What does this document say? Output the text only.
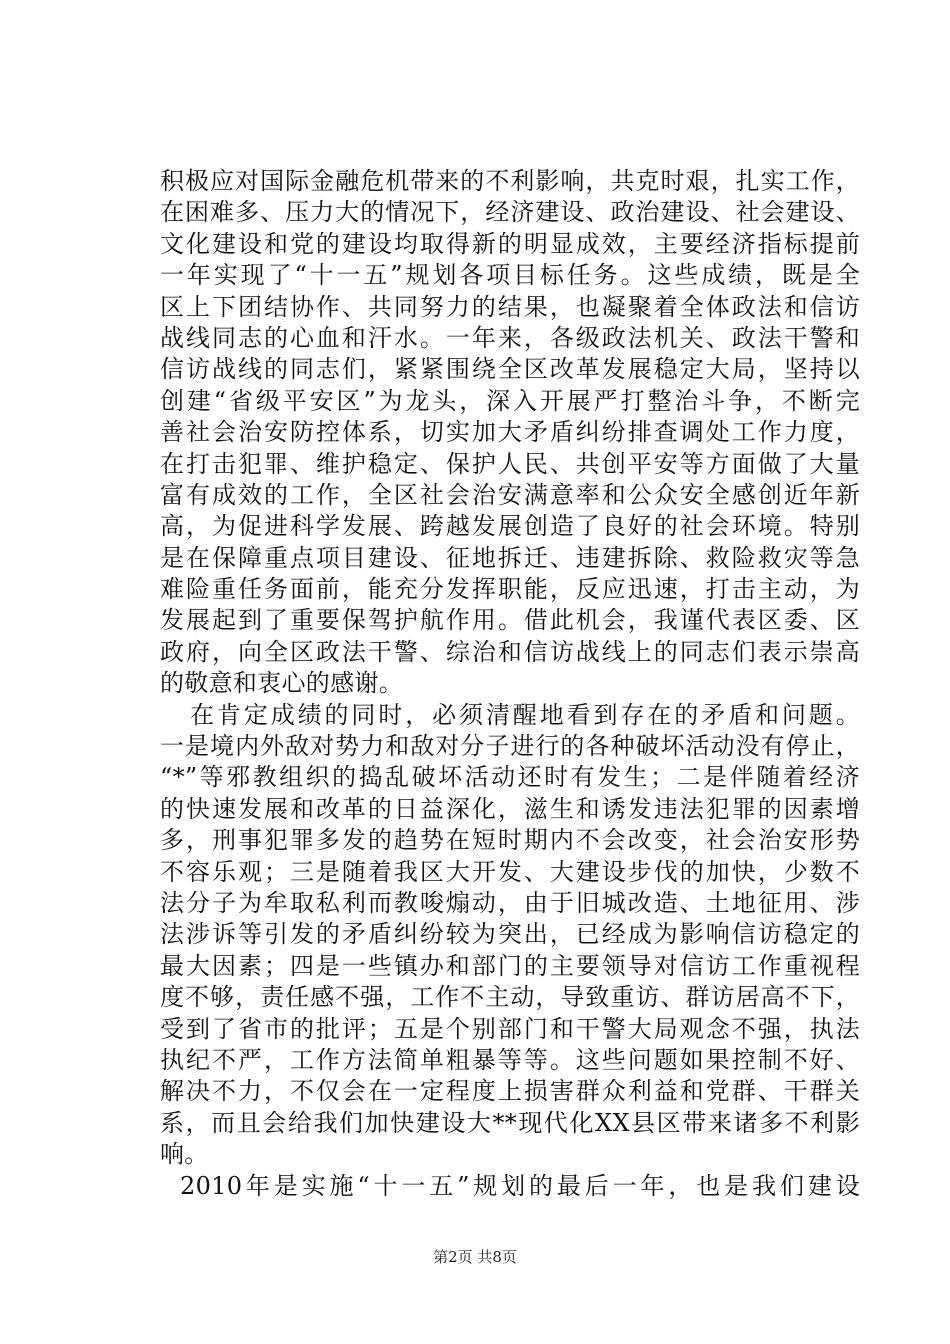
积极应对国际金融危机带来的不利影响，共克时艰，扎实工作，
在困难多、压力大的情况下，经济建设、政治建设、社会建设、
文化建设和党的建设均取得新的明显成效，主要经济指标提前
一年实现了“十一五”规划各项目标任务。这些成绩，既是全
区上下团结协作、共同努力的结果，也凝聚着全体政法和信访
战线同志的心血和汗水。一年来，各级政法机关、政法干警和
信访战线的同志们，紧紧围绕全区改革发展稳定大局，坚持以
创建“省级平安区”为龙头，深入开展严打整治斗争，不断完
善社会治安防控体系，切实加大矛盾纠纷排查调处工作力度，
在打击犯罪、维护稳定、保护人民、共创平安等方面做了大量
富有成效的工作，全区社会治安满意率和公众安全感创近年新
高，为促进科学发展、跨越发展创造了良好的社会环境。特别
是在保障重点项目建设、征地拆迁、违建拆除、救险救灾等急
难险重任务面前，能充分发挥职能，反应迅速，打击主动，为
发展起到了重要保驾护航作用。借此机会，我谨代表区委、区
政府，向全区政法干警、综治和信访战线上的同志们表示崇高
的敬意和衷心的感谢。
在肯定成绩的同时，必须清醒地看到存在的矛盾和问题。
一是境内外敌对势力和敌对分子进行的各种破坏活动没有停止，
“*”等邪教组织的捣乱破坏活动还时有发生；二是伴随着经济
的快速发展和改革的日益深化，滋生和诱发违法犯罪的因素增
多，刑事犯罪多发的趋势在短时期内不会改变，社会治安形势
不容乐观；三是随着我区大开发、大建设步伐的加快，少数不
法分子为牟取私利而教唆煽动，由于旧城改造、土地征用、涉
法涉诉等引发的矛盾纠纷较为突出，已经成为影响信访稳定的
最大因素；四是一些镇办和部门的主要领导对信访工作重视程
度不够，责任感不强，工作不主动，导致重访、群访居高不下，
受到了省市的批评；五是个别部门和干警大局观念不强，执法
执纪不严，工作方法简单粗暴等等。这些问题如果控制不好、
解决不力，不仅会在一定程度上损害群众利益和党群、干群关
系，而且会给我们加快建设大**现代化XX县区带来诸多不利影
响。
2010年是实施“十一五”规划的最后一年，也是我们建设
第2页 共8页
